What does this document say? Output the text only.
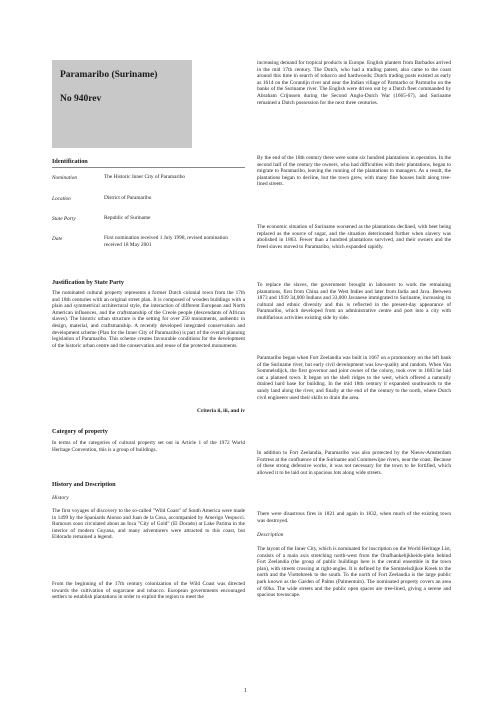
Paramaribo (Suriname)
No 940rev
Identification
Nomination	The Historic Inner City of Paramaribo
Location	District of Paramaribo
State Party	Republic of Suriname
Date	First nomination received 1 July 1998, revised nomination received 18 May 2001
Justification by State Party

The nominated cultural property represents a former Dutch colonial town from the 17th and 18th centuries with an original street plan. It is composed of wooden buildings with a plain and symmetrical architectural style, the interaction of different European and North American influences, and the craftsmanship of the Creole people (descendants of African slaves). The historic urban structure is the setting for over 250 monuments, authentic in design, material, and craftsmanship. A recently developed integrated conservation and development scheme (Plan for the Inner City of Paramaribo) is part of the overall planning legislation of Paramaribo. This scheme creates favourable conditions for the development of the historic urban centre and the conservation and reuse of the protected monuments.

Criteria ii, iii, and iv
Category of property

In terms of the categories of cultural property set out in Article 1 of the 1972 World Heritage Convention, this is a group of buildings.

History and Description
History

The first voyages of discovery to the so-called "Wild Coast" of South America were made in 1499 by the Spaniards Alonso and Juan de la Cosa, accompanied by Amerigo Vespucci. Rumours soon circulated about an Inca "City of Gold" (El Dorado) at Lake Parima in the interior of modern Guyana, and many adventurers were attracted to this coast, but Eldorado remained a legend.

From the beginning of the 17th century colonization of the Wild Coast was directed towards the cultivation of sugarcane and tobacco. European governments encouraged settlers to establish plantations in order to exploit the region to meet the

increasing demand for tropical products in Europe. English planters from Barbados arrived in the mid 17th century. The Dutch, who had a trading patent, also came to the coast around this time in search of tobacco and hardwoods; Dutch trading posts existed as early as 1614 on the Corantijn river and near the Indian village of Parmarbo or Parmurbo on the banks of the Suriname river. The English were driven out by a Dutch fleet commanded by Abraham Crijnssen during the Second Anglo-Dutch War (1665-67), and Suriname remained a Dutch possession for the next three centuries.

By the end of the 18th century there were some six hundred plantations in operation. In the second half of the century the owners, who had difficulties with their plantations, began to migrate to Paramaribo, leaving the running of the plantations to managers. As a result, the plantations began to decline, but the town grew, with many fine houses built along tree-lined streets.

The economic situation of Suriname worsened as the plantations declined, with beet being replaced as the source of sugar, and the situation deteriorated further when slavery was abolished in 1863. Fewer than a hundred plantations survived, and their owners and the freed slaves moved to Paramaribo, which expanded rapidly.

To replace the slaves, the government brought in labourers to work the remaining plantations, first from China and the West Indies and later from India and Java. Between 1873 and 1939 34,000 Indians and 33,000 Javanese immigrated to Suriname, increasing its cultural and ethnic diversity and this is reflected in the present-day appearance of Paramaribo, which developed from an administrative centre and port into a city with multifarious activities existing side by side.

Paramaribo began when Fort Zeelandia was built in 1667 on a promontory on the left bank of the Suriname river, but early civil development was low-quality and random. When Van Sommelsdijck, the first governor and joint owner of the colony, took over in 1683 he laid out a planned town. It began on the shell ridges to the west, which offered a naturally drained hard base for building. In the mid 18th century it expanded southwards to the sandy land along the river, and finally at the end of the century to the north, where Dutch civil engineers used their skills to drain the area.

In addition to Fort Zeelandia, Paramaribo was also protected by the Nieuw-Amsterdam Fortress at the confluence of the Suriname and Commewijne rivers, near the coast. Because of these strong defensive works, it was not necessary for the town to be fortified, which allowed it to be laid out in spacious lots along wide streets.

There were disastrous fires in 1821 and again in 1832, when much of the existing town was destroyed.

Description

The layout of the Inner City, which is nominated for inscription on the World Heritage List, consists of a main axis stretching north-west from the Onafhankelijkheids-plein behind Fort Zeelandia (the group of public buildings here is the central ensemble in the town plan), with streets crossing at right-angles. It is defined by the Sommelsdijkse Kreek to the north and the Viottekreek to the south. To the north of Fort Zeelandia is the large public park known as the Garden of Palms (Palmentuin). The nominated property covers an area of 60ha. The wide streets and the public open spaces are tree-lined, giving a serene and spacious townscape.

1
